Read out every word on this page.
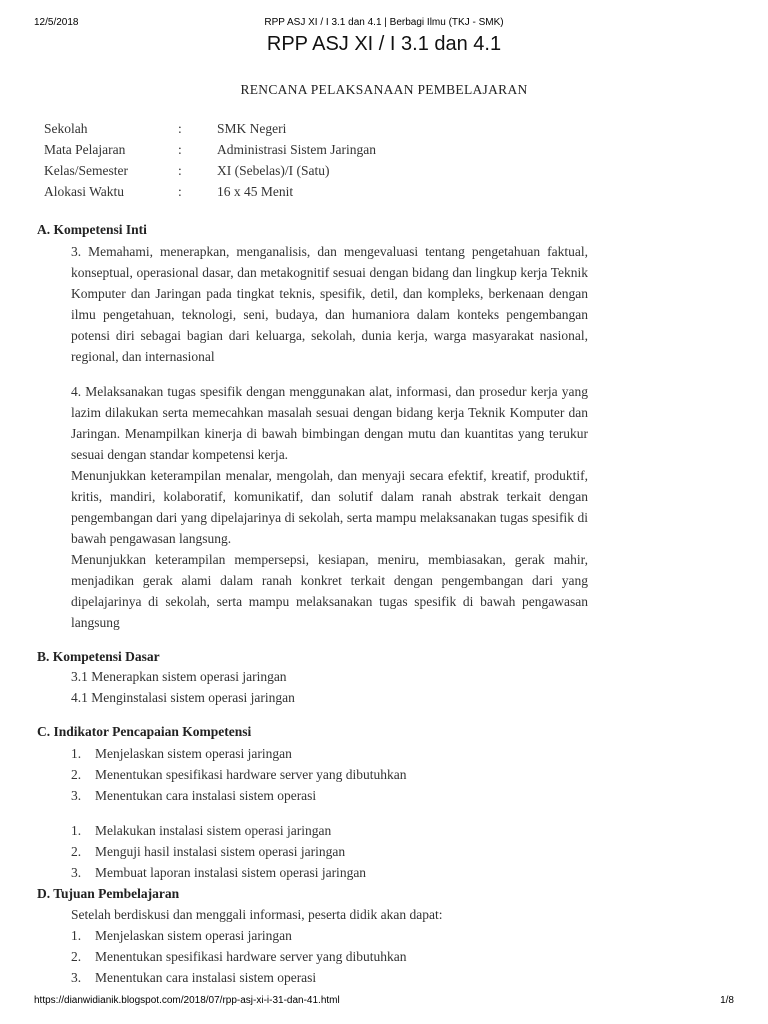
12/5/2018	RPP ASJ XI / I 3.1 dan 4.1 | Berbagi Ilmu (TKJ - SMK)
RPP ASJ XI / I 3.1 dan 4.1
RENCANA PELAKSANAAN PEMBELAJARAN
Sekolah	:	SMK Negeri
Mata Pelajaran	:	Administrasi Sistem Jaringan
Kelas/Semester	:	XI (Sebelas)/I (Satu)
Alokasi Waktu	:	16 x 45 Menit
A. Kompetensi Inti
3. Memahami, menerapkan, menganalisis, dan mengevaluasi tentang pengetahuan faktual, konseptual, operasional dasar, dan metakognitif sesuai dengan bidang dan lingkup kerja Teknik Komputer dan Jaringan pada tingkat teknis, spesifik, detil, dan kompleks, berkenaan dengan ilmu pengetahuan, teknologi, seni, budaya, dan humaniora dalam konteks pengembangan potensi diri sebagai bagian dari keluarga, sekolah, dunia kerja, warga masyarakat nasional, regional, dan internasional
4. Melaksanakan tugas spesifik dengan menggunakan alat, informasi, dan prosedur kerja yang lazim dilakukan serta memecahkan masalah sesuai dengan bidang kerja Teknik Komputer dan Jaringan. Menampilkan kinerja di bawah bimbingan dengan mutu dan kuantitas yang terukur sesuai dengan standar kompetensi kerja.
Menunjukkan keterampilan menalar, mengolah, dan menyaji secara efektif, kreatif, produktif, kritis, mandiri, kolaboratif, komunikatif, dan solutif dalam ranah abstrak terkait dengan pengembangan dari yang dipelajarinya di sekolah, serta mampu melaksanakan tugas spesifik di bawah pengawasan langsung.
Menunjukkan keterampilan mempersepsi, kesiapan, meniru, membiasakan, gerak mahir, menjadikan gerak alami dalam ranah konkret terkait dengan pengembangan dari yang dipelajarinya di sekolah, serta mampu melaksanakan tugas spesifik di bawah pengawasan langsung
B. Kompetensi Dasar
3.1 Menerapkan sistem operasi jaringan
4.1 Menginstalasi sistem operasi jaringan
C. Indikator Pencapaian Kompetensi
1. Menjelaskan sistem operasi jaringan
2. Menentukan spesifikasi hardware server yang dibutuhkan
3. Menentukan cara instalasi sistem operasi
1. Melakukan instalasi sistem operasi jaringan
2. Menguji hasil instalasi sistem operasi jaringan
3. Membuat laporan instalasi sistem operasi jaringan
D. Tujuan Pembelajaran
Setelah berdiskusi dan menggali informasi, peserta didik akan dapat:
1. Menjelaskan sistem operasi jaringan
2. Menentukan spesifikasi hardware server yang dibutuhkan
3. Menentukan cara instalasi sistem operasi
https://dianwidianik.blogspot.com/2018/07/rpp-asj-xi-i-31-dan-41.html	1/8
